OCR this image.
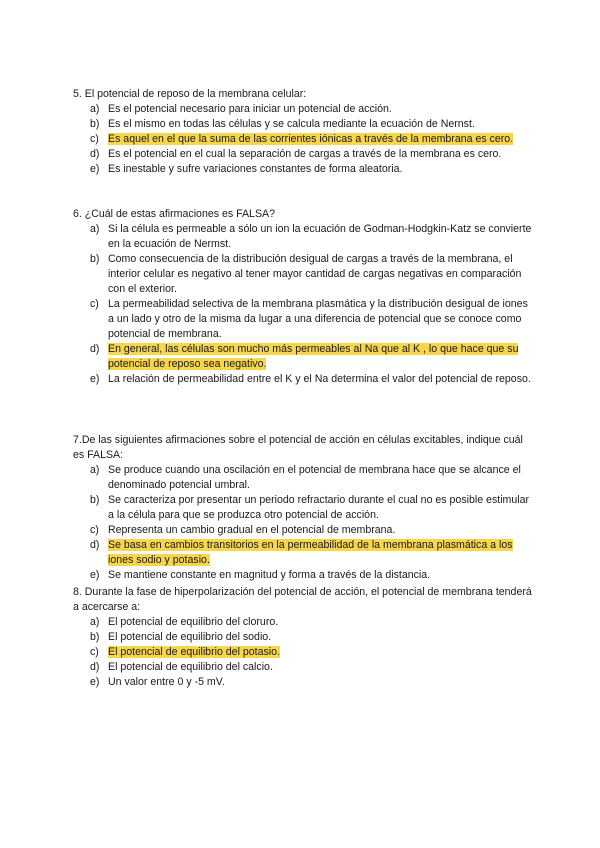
5. El potencial de reposo de la membrana celular:
a) Es el potencial necesario para iniciar un potencial de acción.
b) Es el mismo en todas las células y se calcula mediante la ecuación de Nernst.
c) Es aquel en el que la suma de las corrientes iónicas a través de la membrana es cero.
d) Es el potencial en el cual la separación de cargas a través de la membrana es cero.
e) Es inestable y sufre variaciones constantes de forma aleatoria.
6. ¿Cuál de estas afirmaciones es FALSA?
a) Si la célula es permeable a sólo un ion la ecuación de Godman-Hodgkin-Katz se convierte en la ecuación de Nermst.
b) Como consecuencia de la distribución desigual de cargas a través de la membrana, el interior celular es negativo al tener mayor cantidad de cargas negativas en comparación con el exterior.
c) La permeabilidad selectiva de la membrana plasmática y la distribución desigual de iones a un lado y otro de la misma da lugar a una diferencia de potencial que se conoce como potencial de membrana.
d) En general, las células son mucho más permeables al Na que al K , lo que hace que su potencial de reposo sea negativo.
e) La relación de permeabilidad entre el K y el Na determina el valor del potencial de reposo.
7.De las siguientes afirmaciones sobre el potencial de acción en células excitables, indique cuál es FALSA:
a) Se produce cuando una oscilación en el potencial de membrana hace que se alcance el denominado potencial umbral.
b) Se caracteriza por presentar un periodo refractario durante el cual no es posible estimular a la célula para que se produzca otro potencial de acción.
c) Representa un cambio gradual en el potencial de membrana.
d) Se basa en cambios transitorios en la permeabilidad de la membrana plasmática a los iones sodio y potasio.
e) Se mantiene constante en magnitud y forma a través de la distancia.
8. Durante la fase de hiperpolarización del potencial de acción, el potencial de membrana tenderá a acercarse a:
a) El potencial de equilibrio del cloruro.
b) El potencial de equilibrio del sodio.
c) El potencial de equilibrio del potasio.
d) El potencial de equilibrio del calcio.
e) Un valor entre 0 y -5 mV.
